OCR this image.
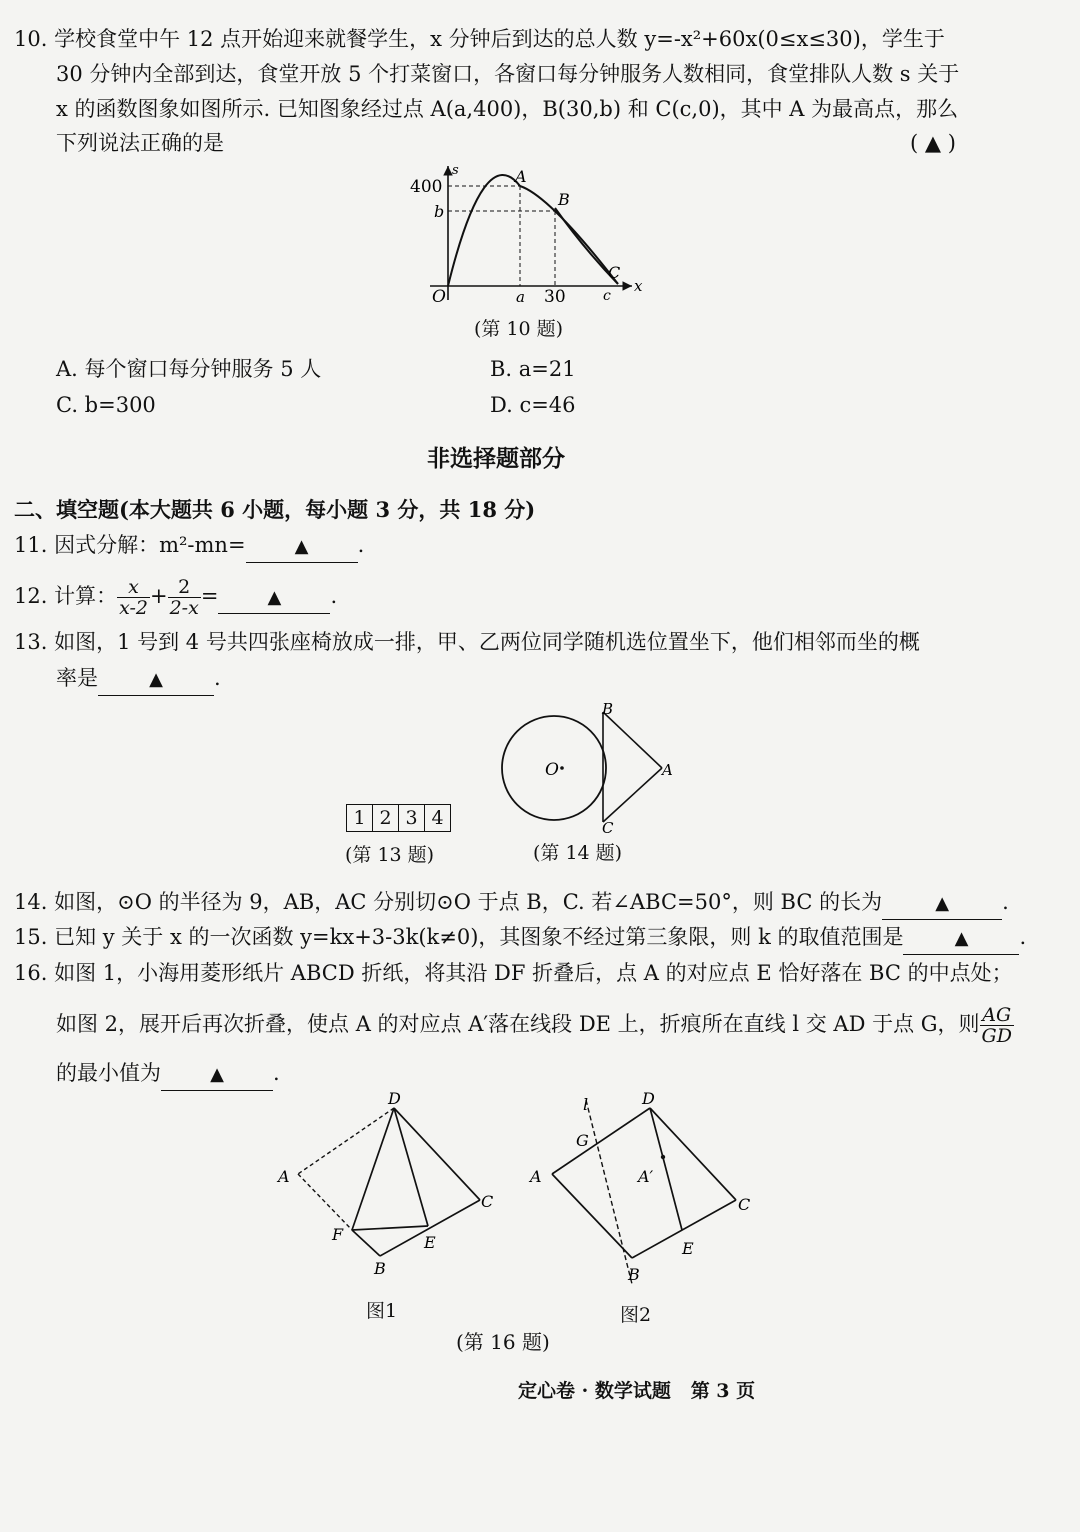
10. 学校食堂中午 12 点开始迎来就餐学生，x 分钟后到达的总人数 y=-x²+60x(0≤x≤30)，学生于
30 分钟内全部到达，食堂开放 5 个打菜窗口，各窗口每分钟服务人数相同，食堂排队人数 s 关于
x 的函数图象如图所示. 已知图象经过点 A(a,400)，B(30,b) 和 C(c,0)，其中 A 为最高点，那么
下列说法正确的是	( ▲ )
s
x
O
400
b
a 30	c
A
B
C
(第 10 题)
A. 每个窗口每分钟服务 5 人	B. a=21
C. b=300	D. c=46
非选择题部分
二、填空题(本大题共 6 小题，每小题 3 分，共 18 分)
11. 因式分解：m²-mn=	▲ .
12. 计算： $\frac{x}{x-2} + \frac{2}{2-x}$ =	▲ .
13. 如图，1 号到 4 号共四张座椅放成一排，甲、乙两位同学随机选位置坐下，他们相邻而坐的概
率是	▲ .
1 2 3 4
(第 13 题)
O
B
A
C
(第 14 题)
14. 如图，⊙O 的半径为 9，AB，AC 分别切⊙O 于点 B，C. 若∠ABC=50°，则 BC 的长为	▲	.
15. 已知 y 关于 x 的一次函数 y=kx+3-3k(k≠0)，其图象不经过第三象限，则 k 的取值范围是	▲ .
16. 如图 1，小海用菱形纸片 ABCD 折纸，将其沿 DF 折叠后，点 A 的对应点 E 恰好落在 BC 的中点处；
如图 2，展开后再次折叠，使点 A 的对应点 A′落在线段 DE 上，折痕所在直线 l 交 AD 于点 G，则 $\frac{AG}{GD}$
的最小值为	▲ .
D
A
C
F	E
B
图1
l	D
G
A	A′
C
E
B
图2
(第 16 题)
定心卷 · 数学试题   第 3 页
